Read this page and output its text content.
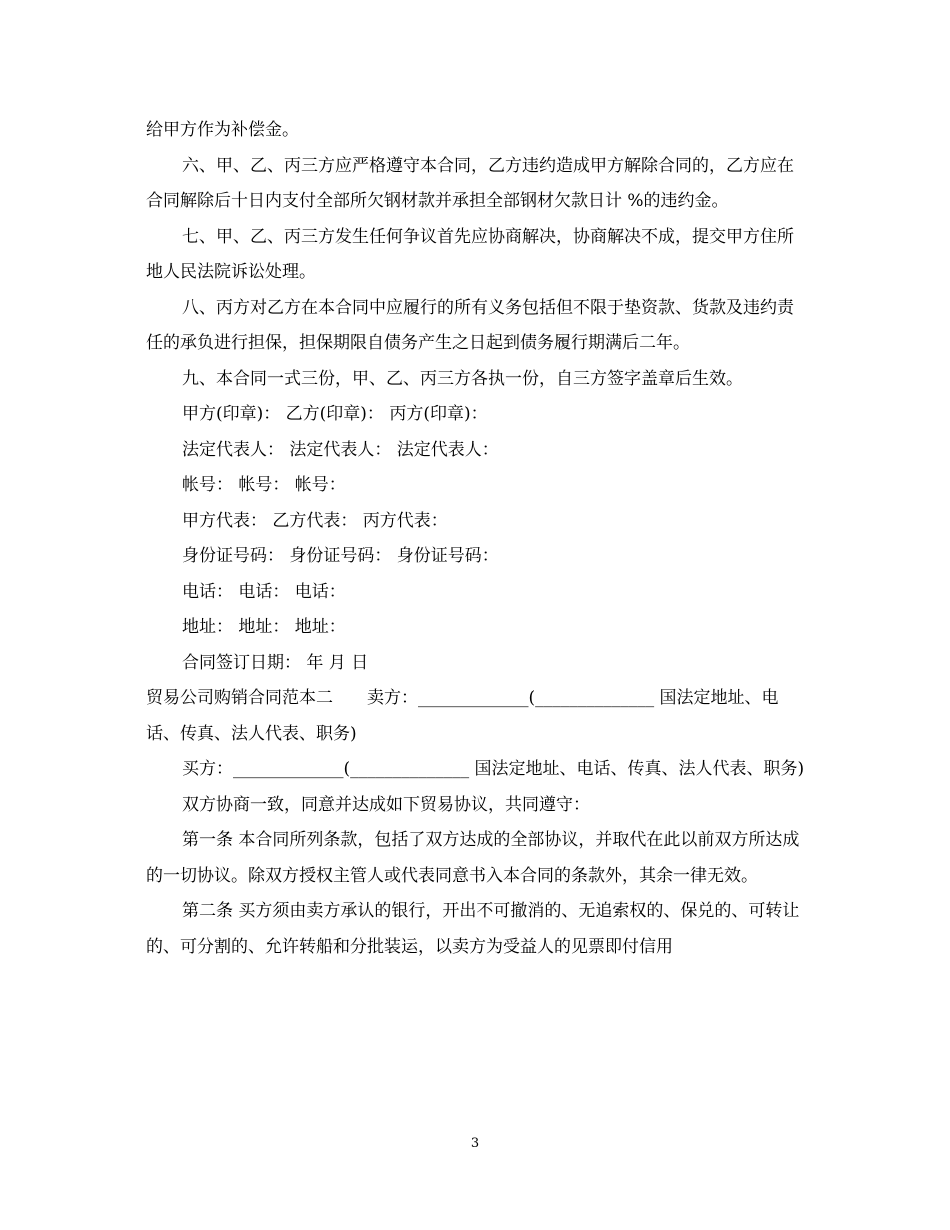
给甲方作为补偿金。

六、甲、乙、丙三方应严格遵守本合同，乙方违约造成甲方解除合同的，乙方应在合同解除后十日内支付全部所欠钢材款并承担全部钢材欠款日计 %的违约金。

七、甲、乙、丙三方发生任何争议首先应协商解决，协商解决不成，提交甲方住所地人民法院诉讼处理。

八、丙方对乙方在本合同中应履行的所有义务包括但不限于垫资款、货款及违约责任的承负进行担保，担保期限自债务产生之日起到债务履行期满后二年。

九、本合同一式三份，甲、乙、丙三方各执一份，自三方签字盖章后生效。

甲方(印章)： 乙方(印章)： 丙方(印章)：

法定代表人： 法定代表人： 法定代表人：

帐号： 帐号： 帐号：

甲方代表： 乙方代表： 丙方代表：

身份证号码： 身份证号码： 身份证号码：

电话： 电话： 电话：

地址： 地址： 地址：

合同签订日期： 年 月 日

贸易公司购销合同范本二　　卖方：_____________(______________ 国法定地址、电话、传真、法人代表、职务)

买方：_____________(______________ 国法定地址、电话、传真、法人代表、职务)

双方协商一致，同意并达成如下贸易协议，共同遵守：

第一条 本合同所列条款，包括了双方达成的全部协议，并取代在此以前双方所达成的一切协议。除双方授权主管人或代表同意书入本合同的条款外，其余一律无效。

第二条 买方须由卖方承认的银行，开出不可撤消的、无追索权的、保兑的、可转让的、可分割的、允许转船和分批装运，以卖方为受益人的见票即付信用

3
